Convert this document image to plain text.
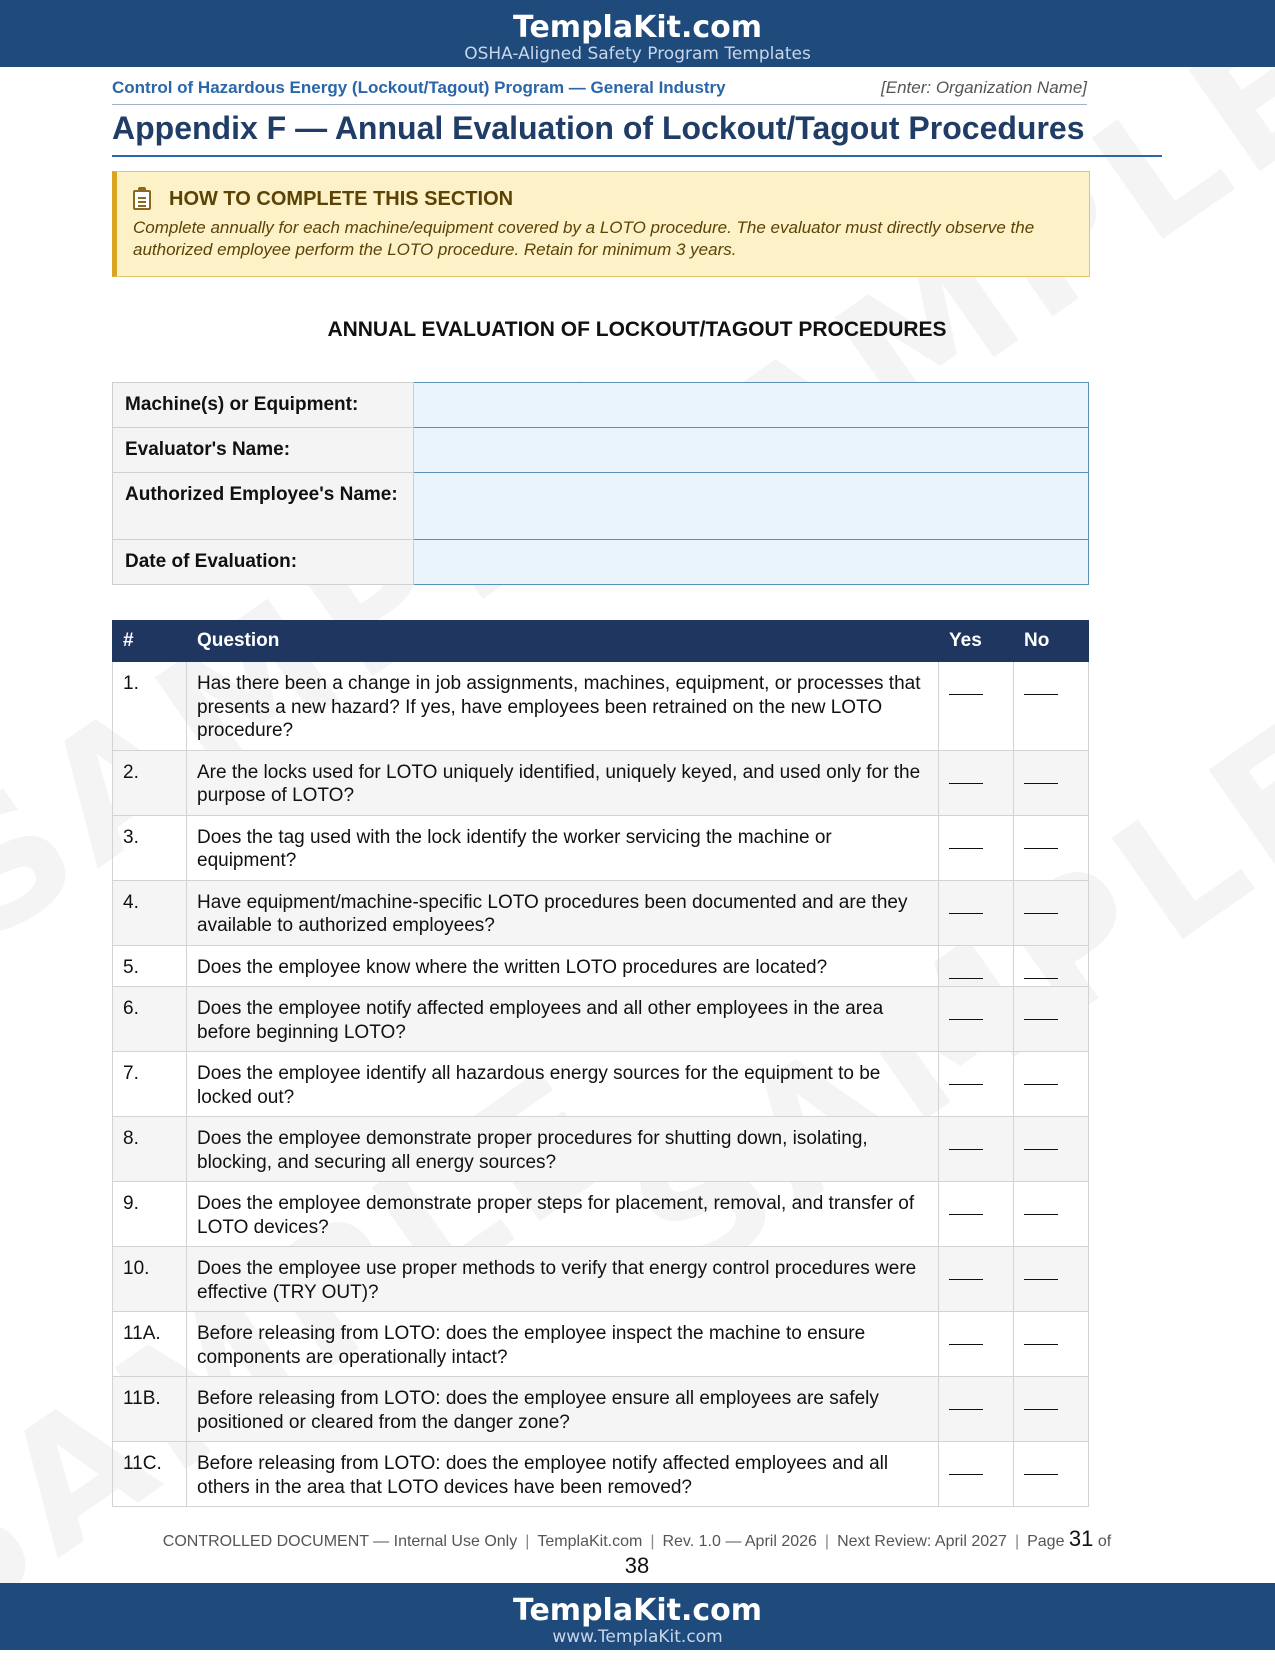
TemplaKit.com
OSHA-Aligned Safety Program Templates
Control of Hazardous Energy (Lockout/Tagout) Program — General Industry	[Enter: Organization Name]
Appendix F — Annual Evaluation of Lockout/Tagout Procedures
HOW TO COMPLETE THIS SECTION
Complete annually for each machine/equipment covered by a LOTO procedure. The evaluator must directly observe the authorized employee perform the LOTO procedure. Retain for minimum 3 years.
ANNUAL EVALUATION OF LOCKOUT/TAGOUT PROCEDURES
Machine(s) or Equipment:	
Evaluator's Name:	
Authorized Employee's Name:	
Date of Evaluation:	
#	Question	Yes	No
1.	Has there been a change in job assignments, machines, equipment, or processes that presents a new hazard? If yes, have employees been retrained on the new LOTO procedure?	

2.	Are the locks used for LOTO uniquely identified, uniquely keyed, and used only for the purpose of LOTO?	

3.	Does the tag used with the lock identify the worker servicing the machine or equipment?	

4.	Have equipment/machine-specific LOTO procedures been documented and are they available to authorized employees?	

5.	Does the employee know where the written LOTO procedures are located?	

6.	Does the employee notify affected employees and all other employees in the area before beginning LOTO?	

7.	Does the employee identify all hazardous energy sources for the equipment to be locked out?	

8.	Does the employee demonstrate proper procedures for shutting down, isolating, blocking, and securing all energy sources?	

9.	Does the employee demonstrate proper steps for placement, removal, and transfer of LOTO devices?	

10.	Does the employee use proper methods to verify that energy control procedures were effective (TRY OUT)?	

11A.	Before releasing from LOTO: does the employee inspect the machine to ensure components are operationally intact?	

11B.	Before releasing from LOTO: does the employee ensure all employees are safely positioned or cleared from the danger zone?	

11C.	Before releasing from LOTO: does the employee notify affected employees and all others in the area that LOTO devices have been removed?	

CONTROLLED DOCUMENT — Internal Use Only | TemplaKit.com | Rev. 1.0 — April 2026 | Next Review: April 2027 | Page 31 of
38
TemplaKit.com
www.TemplaKit.com
